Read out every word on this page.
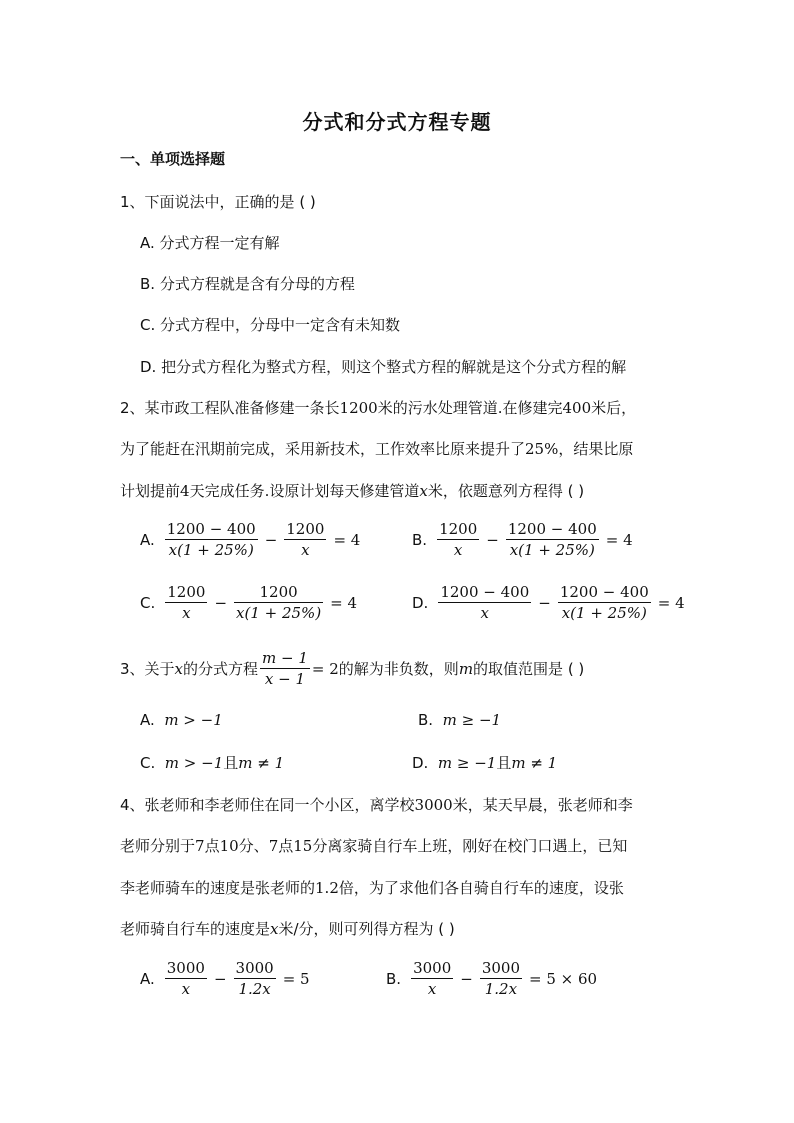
分式和分式方程专题
一、单项选择题
1、下面说法中，正确的是 ( )
A. 分式方程一定有解
B. 分式方程就是含有分母的方程
C. 分式方程中，分母中一定含有未知数
D. 把分式方程化为整式方程，则这个整式方程的解就是这个分式方程的解
2、某市政工程队准备修建一条长1200米的污水处理管道.在修建完400米后，
为了能赶在汛期前完成，采用新技术，工作效率比原来提升了25%，结果比原
计划提前4天完成任务.设原计划每天修建管道x米，依题意列方程得 ( )
A. $\frac{1200 - 400}{x(1 + 25\%)} - \frac{1200}{x} = 4$	B. $\frac{1200}{x} - \frac{1200 - 400}{x(1 + 25\%)} = 4$
C. $\frac{1200}{x} - \frac{1200}{x(1 + 25\%)} = 4$	D. $\frac{1200 - 400}{x} - \frac{1200 - 400}{x(1 + 25\%)} = 4$
3、关于 x 的分式方程 $\frac{m - 1}{x - 1} = 2$ 的解为非负数，则 m 的取值范围是 ( )
A. m > −1	B. m ≥ −1
C. m > −1且m ≠ 1	D. m ≥ −1且m ≠ 1
4、张老师和李老师住在同一个小区，离学校3000米，某天早晨，张老师和李
老师分别于7点10分、7点15分离家骑自行车上班，刚好在校门口遇上，已知
李老师骑车的速度是张老师的1.2倍，为了求他们各自骑自行车的速度，设张
老师骑自行车的速度是x米/分，则可列得方程为 ( )
A. $\frac{3000}{x} - \frac{3000}{1.2x} = 5$	B. $\frac{3000}{x} - \frac{3000}{1.2x} = 5 \times 60$
